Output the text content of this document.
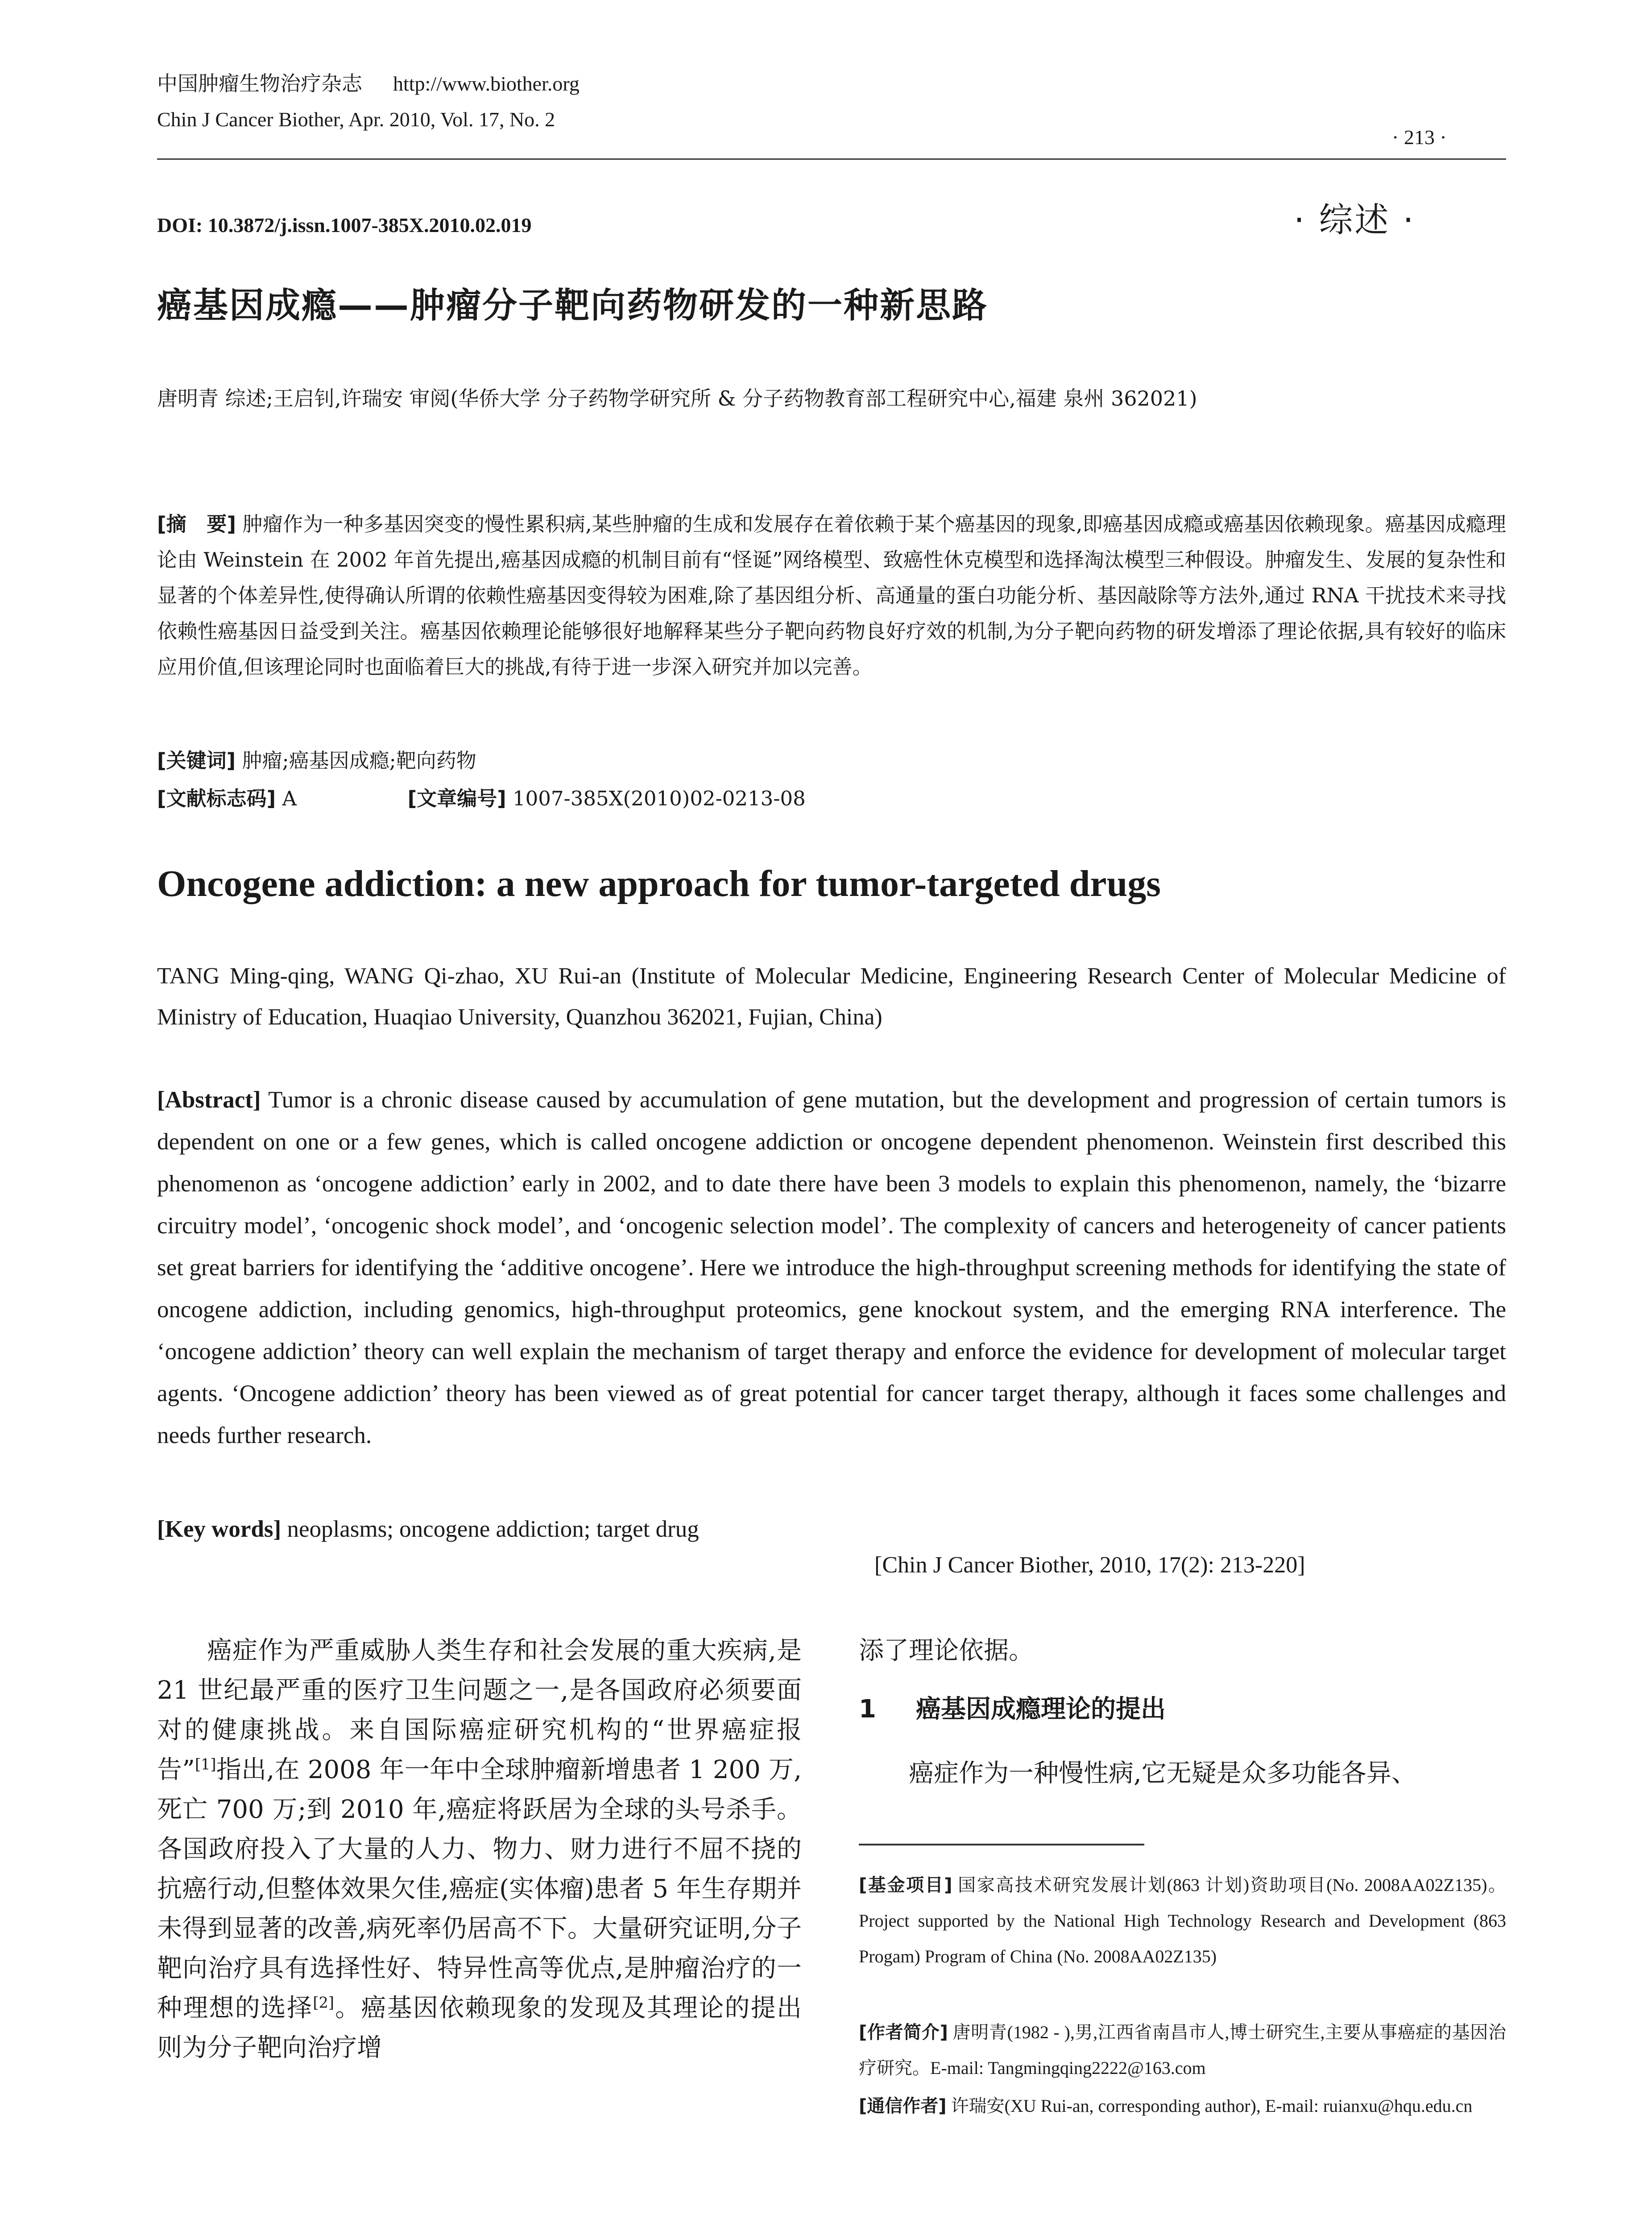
中国肿瘤生物治疗杂志 http://www.biother.org
Chin J Cancer Biother, Apr. 2010, Vol. 17, No. 2
· 213 ·
DOI: 10.3872/j.issn.1007-385X.2010.02.019	· 综述 ·
癌基因成瘾——肿瘤分子靶向药物研发的一种新思路
唐明青 综述;王启钊,许瑞安 审阅(华侨大学 分子药物学研究所 & 分子药物教育部工程研究中心,福建 泉州 362021)
[摘　要] 肿瘤作为一种多基因突变的慢性累积病,某些肿瘤的生成和发展存在着依赖于某个癌基因的现象,即癌基因成瘾或癌基因依赖现象。癌基因成瘾理论由 Weinstein 在 2002 年首先提出,癌基因成瘾的机制目前有“怪诞”网络模型、致癌性休克模型和选择淘汰模型三种假设。肿瘤发生、发展的复杂性和显著的个体差异性,使得确认所谓的依赖性癌基因变得较为困难,除了基因组分析、高通量的蛋白功能分析、基因敲除等方法外,通过 RNA 干扰技术来寻找依赖性癌基因日益受到关注。癌基因依赖理论能够很好地解释某些分子靶向药物良好疗效的机制,为分子靶向药物的研发增添了理论依据,具有较好的临床应用价值,但该理论同时也面临着巨大的挑战,有待于进一步深入研究并加以完善。
[关键词] 肿瘤;癌基因成瘾;靶向药物
[文献标志码] A	[文章编号] 1007-385X(2010)02-0213-08
Oncogene addiction: a new approach for tumor-targeted drugs
TANG Ming-qing, WANG Qi-zhao, XU Rui-an (Institute of Molecular Medicine, Engineering Research Center of Molecular Medicine of Ministry of Education, Huaqiao University, Quanzhou 362021, Fujian, China)
[Abstract] Tumor is a chronic disease caused by accumulation of gene mutation, but the development and progression of certain tumors is dependent on one or a few genes, which is called oncogene addiction or oncogene dependent phenomenon. Weinstein first described this phenomenon as ‘oncogene addiction’ early in 2002, and to date there have been 3 models to explain this phenomenon, namely, the ‘bizarre circuitry model’, ‘oncogenic shock model’, and ‘oncogenic selection model’. The complexity of cancers and heterogeneity of cancer patients set great barriers for identifying the ‘additive oncogene’. Here we introduce the high-throughput screening methods for identifying the state of oncogene addiction, including genomics, high-throughput proteomics, gene knockout system, and the emerging RNA interference. The ‘oncogene addiction’ theory can well explain the mechanism of target therapy and enforce the evidence for development of molecular target agents. ‘Oncogene addiction’ theory has been viewed as of great potential for cancer target therapy, although it faces some challenges and needs further research.
[Key words] neoplasms; oncogene addiction; target drug
[Chin J Cancer Biother, 2010, 17(2): 213-220]
癌症作为严重威胁人类生存和社会发展的重大疾病,是 21 世纪最严重的医疗卫生问题之一,是各国政府必须要面对的健康挑战。来自国际癌症研究机构的“世界癌症报告”[1]指出,在 2008 年一年中全球肿瘤新增患者 1 200 万,死亡 700 万;到 2010 年,癌症将跃居为全球的头号杀手。各国政府投入了大量的人力、物力、财力进行不屈不挠的抗癌行动,但整体效果欠佳,癌症(实体瘤)患者 5 年生存期并未得到显著的改善,病死率仍居高不下。大量研究证明,分子靶向治疗具有选择性好、特异性高等优点,是肿瘤治疗的一种理想的选择[2]。癌基因依赖现象的发现及其理论的提出则为分子靶向治疗增
添了理论依据。
1 癌基因成瘾理论的提出
癌症作为一种慢性病,它无疑是众多功能各异、
[基金项目] 国家高技术研究发展计划(863 计划)资助项目(No. 2008AA02Z135)。Project supported by the National High Technology Research and Development (863 Progam) Program of China (No. 2008AA02Z135)
[作者简介] 唐明青(1982 - ),男,江西省南昌市人,博士研究生,主要从事癌症的基因治疗研究。E-mail: Tangmingqing2222@163.com
[通信作者] 许瑞安(XU Rui-an, corresponding author), E-mail: ruianxu@hqu.edu.cn
